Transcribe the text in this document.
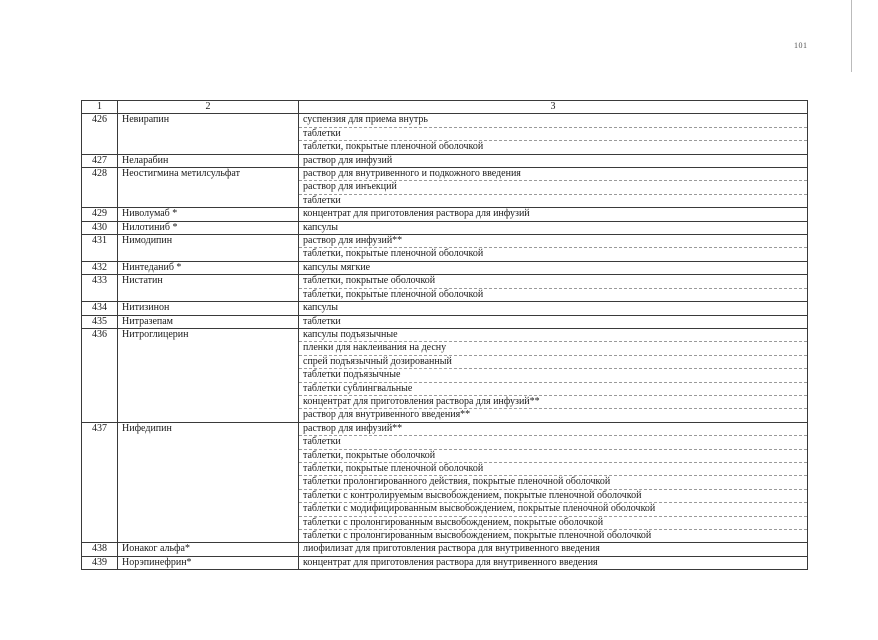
101
1	2	3
426	Невирапин	суспензия для приема внутрь
		таблетки
		таблетки, покрытые пленочной оболочкой
427	Неларабин	раствор для инфузий
428	Неостигмина метилсульфат	раствор для внутривенного и подкожного введения
		раствор для инъекций
		таблетки
429	Ниволумаб *	концентрат для приготовления раствора для инфузий
430	Нилотиниб *	капсулы
431	Нимодипин	раствор для инфузий**
		таблетки, покрытые пленочной оболочкой
432	Нинтеданиб *	капсулы мягкие
433	Нистатин	таблетки, покрытые оболочкой
		таблетки, покрытые пленочной оболочкой
434	Нитизинон	капсулы
435	Нитразепам	таблетки
436	Нитроглицерин	капсулы подъязычные
		пленки для наклеивания на десну
		спрей подъязычный дозированный
		таблетки подъязычные
		таблетки сублингвальные
		концентрат для приготовления раствора для инфузий**
		раствор для внутривенного введения**
437	Нифедипин	раствор для инфузий**
		таблетки
		таблетки, покрытые оболочкой
		таблетки, покрытые пленочной оболочкой
		таблетки пролонгированного действия, покрытые пленочной оболочкой
		таблетки с контролируемым высвобождением, покрытые пленочной оболочкой
		таблетки с модифицированным высвобождением, покрытые пленочной оболочкой
		таблетки с пролонгированным высвобождением, покрытые оболочкой
		таблетки с пролонгированным высвобождением, покрытые пленочной оболочкой
438	Ионаког альфа*	лиофилизат для приготовления раствора для внутривенного введения
439	Норэпинефрин*	концентрат для приготовления раствора для внутривенного введения
